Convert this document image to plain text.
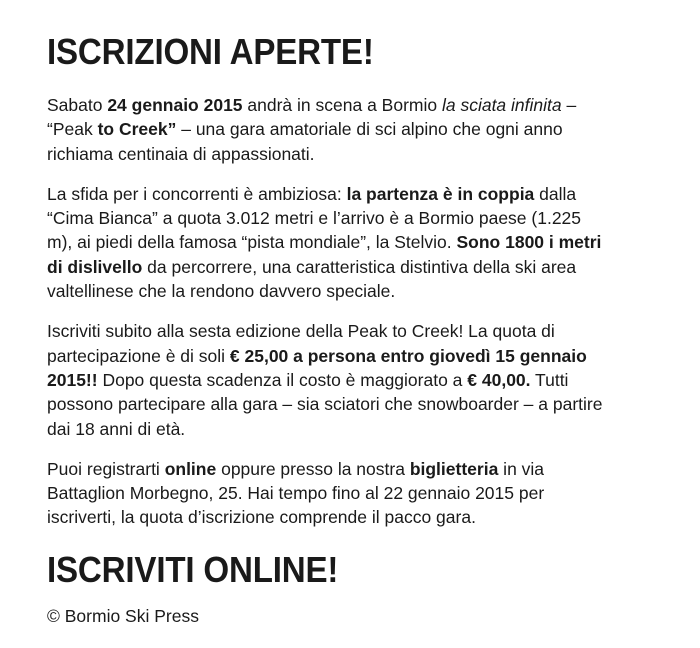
ISCRIZIONI APERTE!

Sabato 24 gennaio 2015 andrà in scena a Bormio la sciata infinita –
“Peak to Creek” – una gara amatoriale di sci alpino che ogni anno
richiama centinaia di appassionati.

La sfida per i concorrenti è ambiziosa: la partenza è in coppia dalla
“Cima Bianca” a quota 3.012 metri e l’arrivo è a Bormio paese (1.225
m), ai piedi della famosa “pista mondiale”, la Stelvio. Sono 1800 i metri
di dislivello da percorrere, una caratteristica distintiva della ski area
valtellinese che la rendono davvero speciale.

Iscriviti subito alla sesta edizione della Peak to Creek! La quota di
partecipazione è di soli € 25,00 a persona entro giovedì 15 gennaio
2015!! Dopo questa scadenza il costo è maggiorato a € 40,00. Tutti
possono partecipare alla gara – sia sciatori che snowboarder – a partire
dai 18 anni di età.

Puoi registrarti online oppure presso la nostra biglietteria in via
Battaglion Morbegno, 25. Hai tempo fino al 22 gennaio 2015 per
iscriverti, la quota d’iscrizione comprende il pacco gara.

ISCRIVITI ONLINE!
© Bormio Ski Press
